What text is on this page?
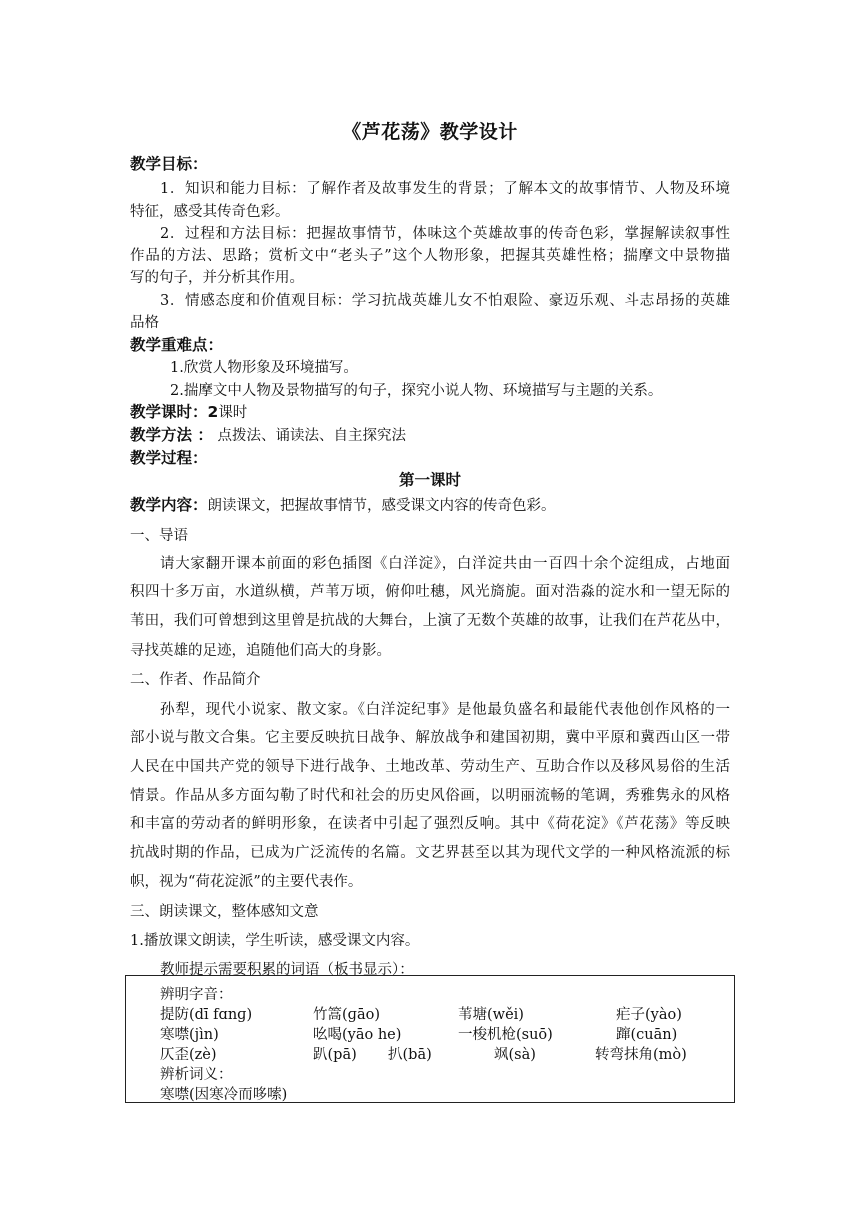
《芦花荡》教学设计
教学目标：
1．知识和能力目标：了解作者及故事发生的背景；了解本文的故事情节、人物及环境
特征，感受其传奇色彩。
2．过程和方法目标：把握故事情节，体味这个英雄故事的传奇色彩，掌握解读叙事性
作品的方法、思路；赏析文中“老头子”这个人物形象，把握其英雄性格；揣摩文中景物描
写的句子，并分析其作用。
3．情感态度和价值观目标：学习抗战英雄儿女不怕艰险、豪迈乐观、斗志昂扬的英雄
品格
教学重难点：
1.欣赏人物形象及环境描写。
2.揣摩文中人物及景物描写的句子，探究小说人物、环境描写与主题的关系。
教学课时：2课时
教学方法 ： 点拨法、诵读法、自主探究法
教学过程：
第一课时
教学内容：朗读课文，把握故事情节，感受课文内容的传奇色彩。
一、导语
请大家翻开课本前面的彩色插图《白洋淀》，白洋淀共由一百四十余个淀组成，占地面
积四十多万亩，水道纵横，芦苇万顷，俯仰吐穗，风光旖旎。面对浩淼的淀水和一望无际的
苇田，我们可曾想到这里曾是抗战的大舞台，上演了无数个英雄的故事，让我们在芦花丛中，
寻找英雄的足迹，追随他们高大的身影。
二、作者、作品简介
孙犁，现代小说家、散文家。《白洋淀纪事》是他最负盛名和最能代表他创作风格的一
部小说与散文合集。它主要反映抗日战争、解放战争和建国初期，冀中平原和冀西山区一带
人民在中国共产党的领导下进行战争、土地改革、劳动生产、互助合作以及移风易俗的生活
情景。作品从多方面勾勒了时代和社会的历史风俗画，以明丽流畅的笔调，秀雅隽永的风格
和丰富的劳动者的鲜明形象，在读者中引起了强烈反响。其中《荷花淀》《芦花荡》等反映
抗战时期的作品，已成为广泛流传的名篇。文艺界甚至以其为现代文学的一种风格流派的标
帜，视为“荷花淀派”的主要代表作。
三、朗读课文，整体感知文意
1.播放课文朗读，学生听读，感受课文内容。
教师提示需要积累的词语（板书显示）：
辨明字音：
提防(dī fɑnɡ)	竹篙(ɡāo)	苇塘(wěi)	疟子(yào)
寒噤(jìn)	吆喝(yāo he)	一梭机枪(suō)	蹿(cuān)
仄歪(zè)	趴(pā) 扒(bā)	飒(sà)	转弯抹角(mò)
辨析词义：
寒噤(因寒冷而哆嗦)
